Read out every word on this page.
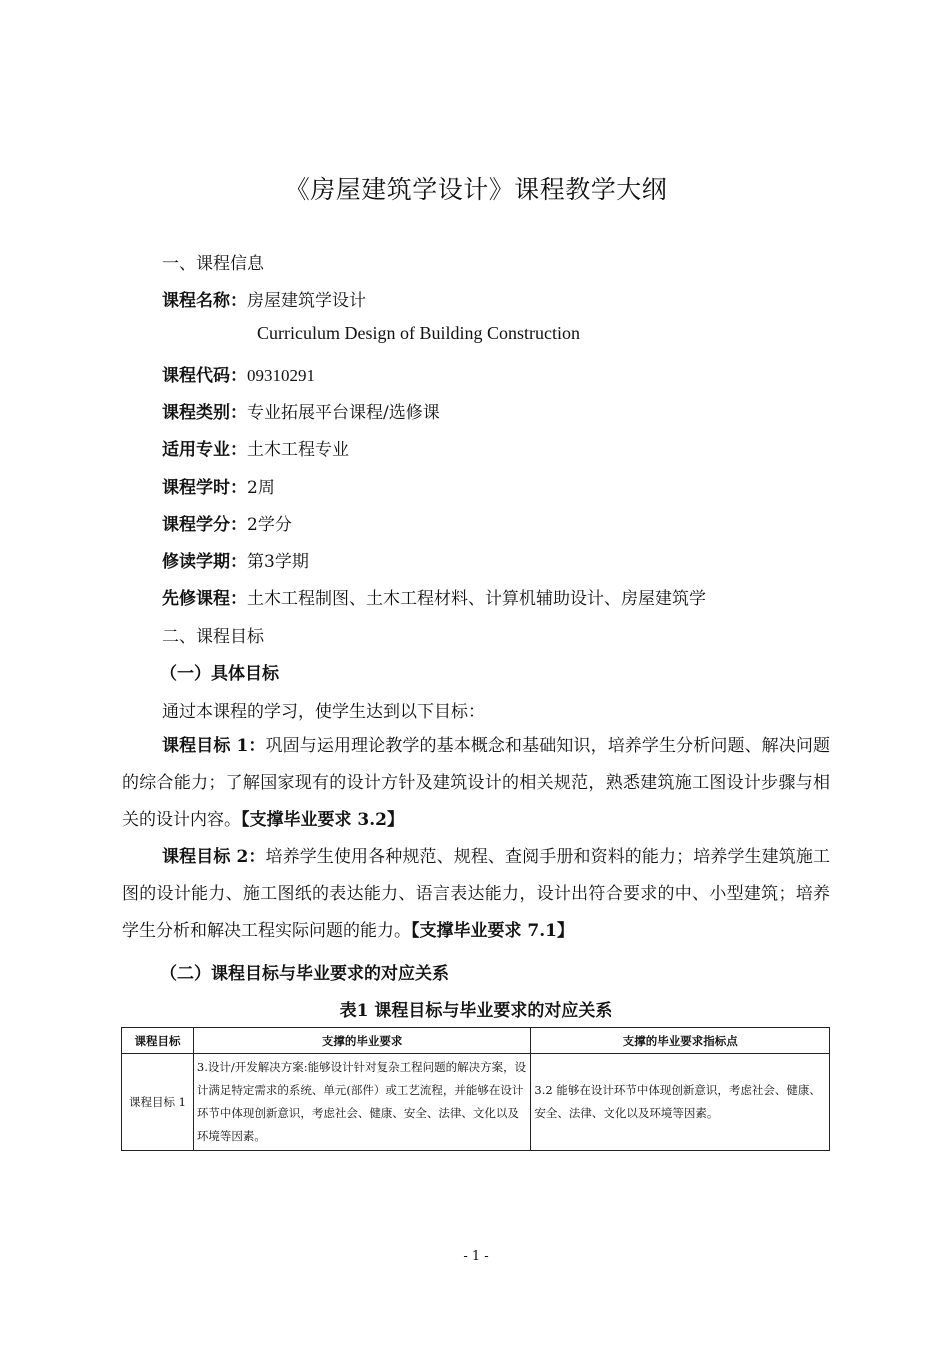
《房屋建筑学设计》课程教学大纲
一、课程信息
课程名称：房屋建筑学设计
Curriculum Design of Building Construction
课程代码：09310291
课程类别：专业拓展平台课程/选修课
适用专业：土木工程专业
课程学时：2周
课程学分：2学分
修读学期：第3学期
先修课程：土木工程制图、土木工程材料、计算机辅助设计、房屋建筑学
二、课程目标
（一）具体目标
通过本课程的学习，使学生达到以下目标：
课程目标 1：巩固与运用理论教学的基本概念和基础知识，培养学生分析问题、解决问题的综合能力；了解国家现有的设计方针及建筑设计的相关规范，熟悉建筑施工图设计步骤与相关的设计内容。【支撑毕业要求 3.2】
课程目标 2：培养学生使用各种规范、规程、查阅手册和资料的能力；培养学生建筑施工图的设计能力、施工图纸的表达能力、语言表达能力，设计出符合要求的中、小型建筑；培养学生分析和解决工程实际问题的能力。【支撑毕业要求 7.1】
（二）课程目标与毕业要求的对应关系
表1 课程目标与毕业要求的对应关系
课程目标	支撑的毕业要求	支撑的毕业要求指标点
课程目标 1	3.设计/开发解决方案:能够设计针对复杂工程问题的解决方案，设计满足特定需求的系统、单元(部件）或工艺流程，并能够在设计环节中体现创新意识，考虑社会、健康、安全、法律、文化以及环境等因素。	3.2 能够在设计环节中体现创新意识，考虑社会、健康、安全、法律、文化以及环境等因素。
- 1 -
